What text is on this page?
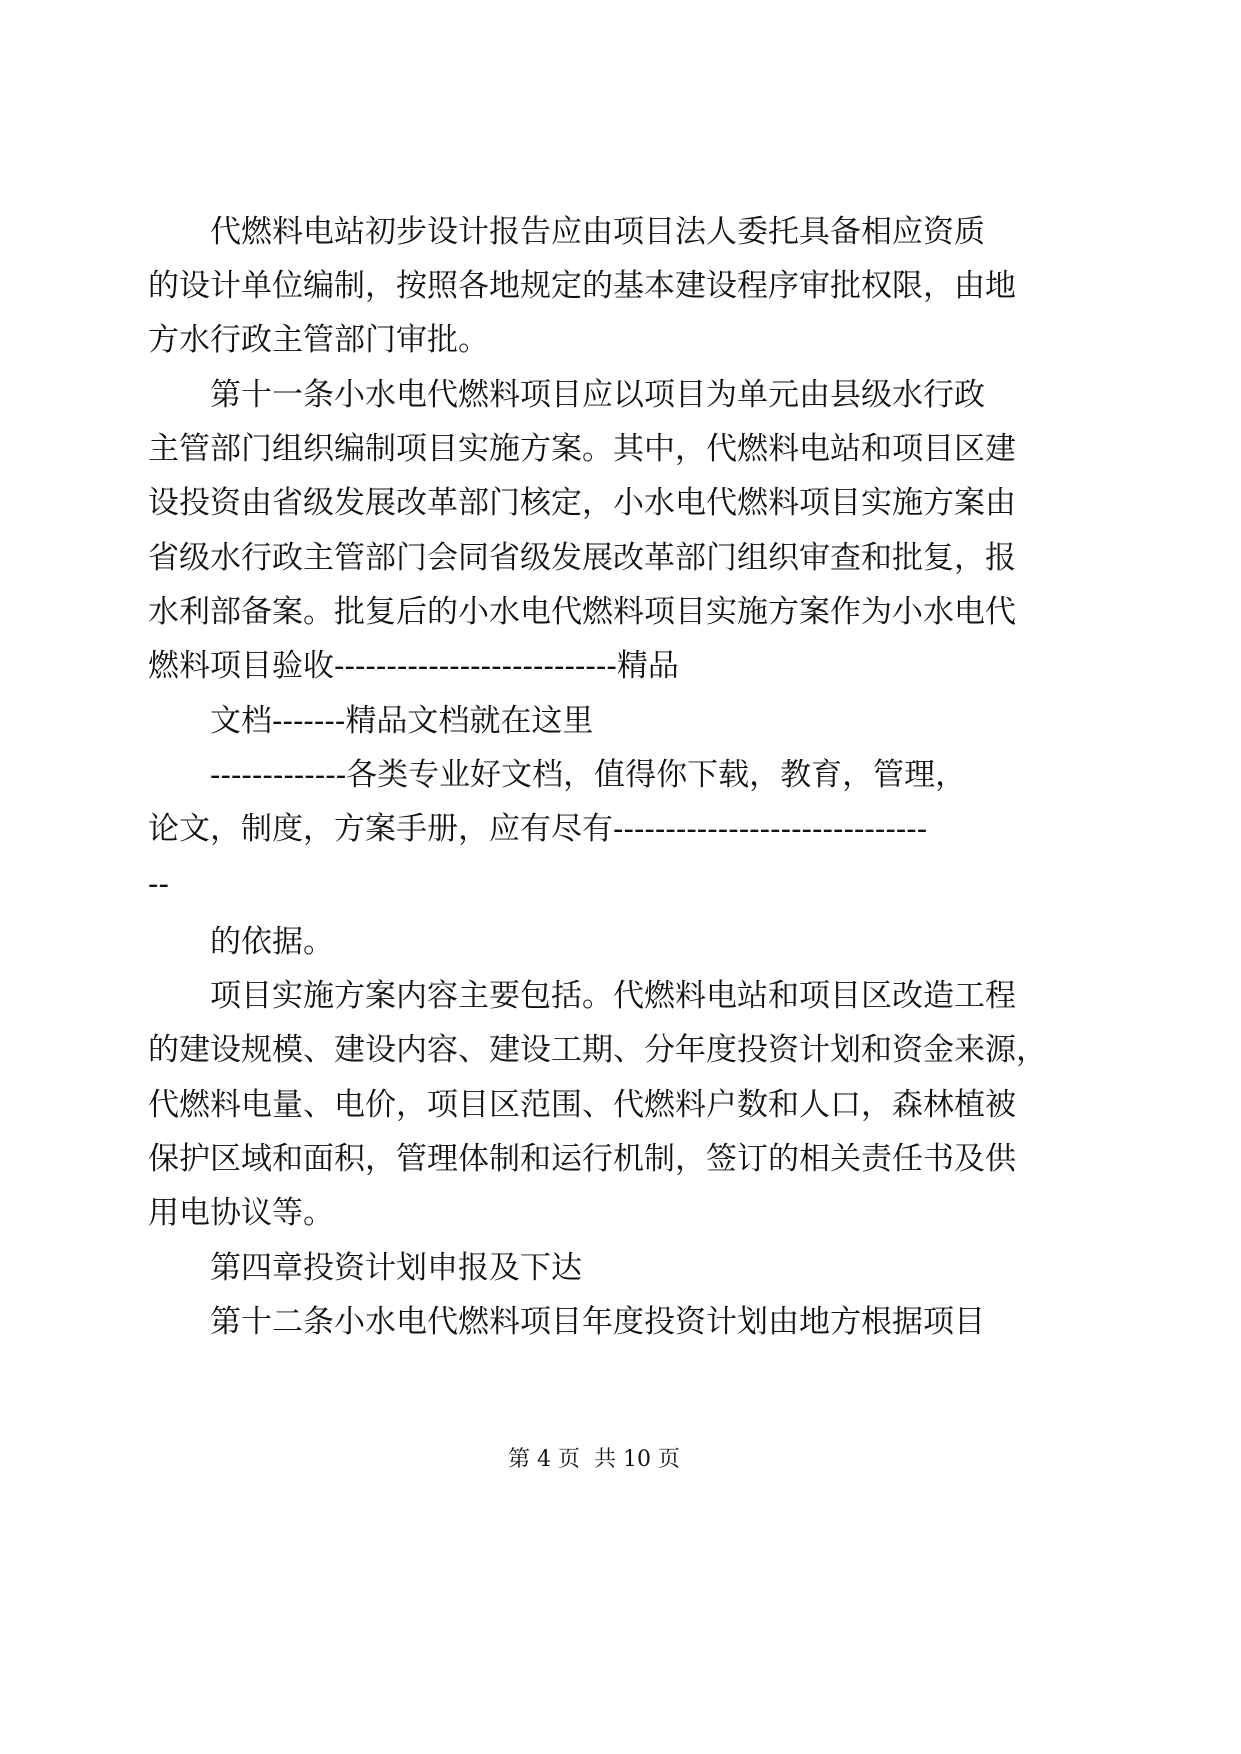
代燃料电站初步设计报告应由项目法人委托具备相应资质
的设计单位编制，按照各地规定的基本建设程序审批权限，由地
方水行政主管部门审批。
第十一条小水电代燃料项目应以项目为单元由县级水行政
主管部门组织编制项目实施方案。其中，代燃料电站和项目区建
设投资由省级发展改革部门核定，小水电代燃料项目实施方案由
省级水行政主管部门会同省级发展改革部门组织审查和批复，报
水利部备案。批复后的小水电代燃料项目实施方案作为小水电代
燃料项目验收---------------------------精品
文档-------精品文档就在这里
-------------各类专业好文档，值得你下载，教育，管理，
论文，制度，方案手册，应有尽有------------------------------
--
的依据。
项目实施方案内容主要包括。代燃料电站和项目区改造工程
的建设规模、建设内容、建设工期、分年度投资计划和资金来源，
代燃料电量、电价，项目区范围、代燃料户数和人口，森林植被
保护区域和面积，管理体制和运行机制，签订的相关责任书及供
用电协议等。
第四章投资计划申报及下达
第十二条小水电代燃料项目年度投资计划由地方根据项目
第 4 页  共 10 页
